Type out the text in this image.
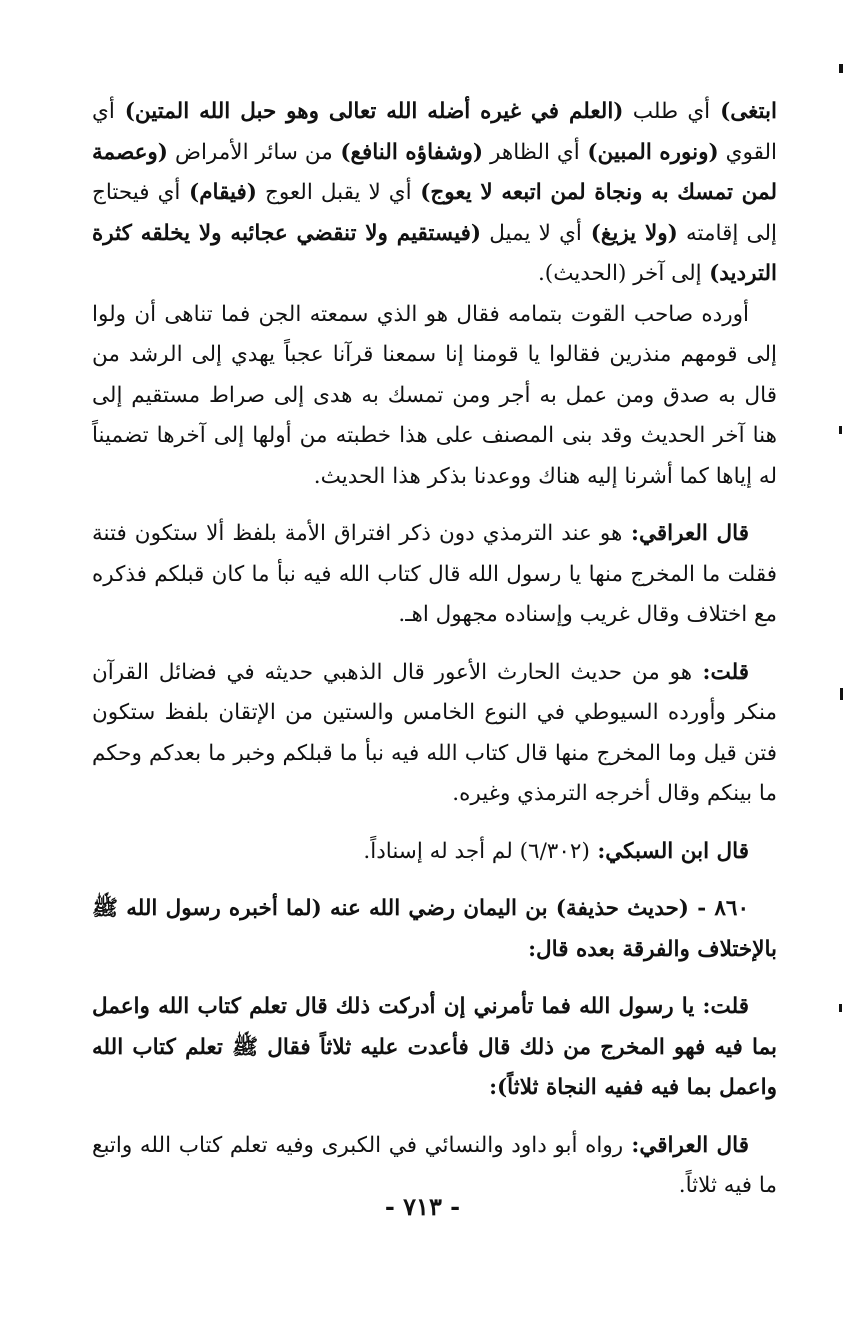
ابتغى) أي طلب (العلم في غيره أضله الله تعالى وهو حبل الله المتين) أي القوي (ونوره المبين) أي الظاهر (وشفاؤه النافع) من سائر الأمراض (وعصمة لمن تمسك به ونجاة لمن اتبعه لا يعوج) أي لا يقبل العوج (فيقام) أي فيحتاج إلى إقامته (ولا يزيغ) أي لا يميل (فيستقيم ولا تنقضي عجائبه ولا يخلقه كثرة الترديد) إلى آخر (الحديث).

أورده صاحب القوت بتمامه فقال هو الذي سمعته الجن فما تناهى أن ولوا إلى قومهم منذرين فقالوا يا قومنا إنا سمعنا قرآنا عجباً يهدي إلى الرشد من قال به صدق ومن عمل به أجر ومن تمسك به هدى إلى صراط مستقيم إلى هنا آخر الحديث وقد بنى المصنف على هذا خطبته من أولها إلى آخرها تضميناً له إياها كما أشرنا إليه هناك ووعدنا بذكر هذا الحديث.

قال العراقي: هو عند الترمذي دون ذكر افتراق الأمة بلفظ ألا ستكون فتنة فقلت ما المخرج منها يا رسول الله قال كتاب الله فيه نبأ ما كان قبلكم فذكره مع اختلاف وقال غريب وإسناده مجهول اهـ.

قلت: هو من حديث الحارث الأعور قال الذهبي حديثه في فضائل القرآن منكر وأورده السيوطي في النوع الخامس والستين من الإتقان بلفظ ستكون فتن قيل وما المخرج منها قال كتاب الله فيه نبأ ما قبلكم وخبر ما بعدكم وحكم ما بينكم وقال أخرجه الترمذي وغيره.

قال ابن السبكي: (٦/٣٠٢) لم أجد له إسناداً.

٨٦٠ - (حديث حذيفة) بن اليمان رضي الله عنه (لما أخبره رسول الله ﷺ بالإختلاف والفرقة بعده قال:

قلت: يا رسول الله فما تأمرني إن أدركت ذلك قال تعلم كتاب الله واعمل بما فيه فهو المخرج من ذلك قال فأعدت عليه ثلاثاً فقال ﷺ تعلم كتاب الله واعمل بما فيه ففيه النجاة ثلاثاً):

قال العراقي: رواه أبو داود والنسائي في الكبرى وفيه تعلم كتاب الله واتبع ما فيه ثلاثاً.

- ٧١٣ -
